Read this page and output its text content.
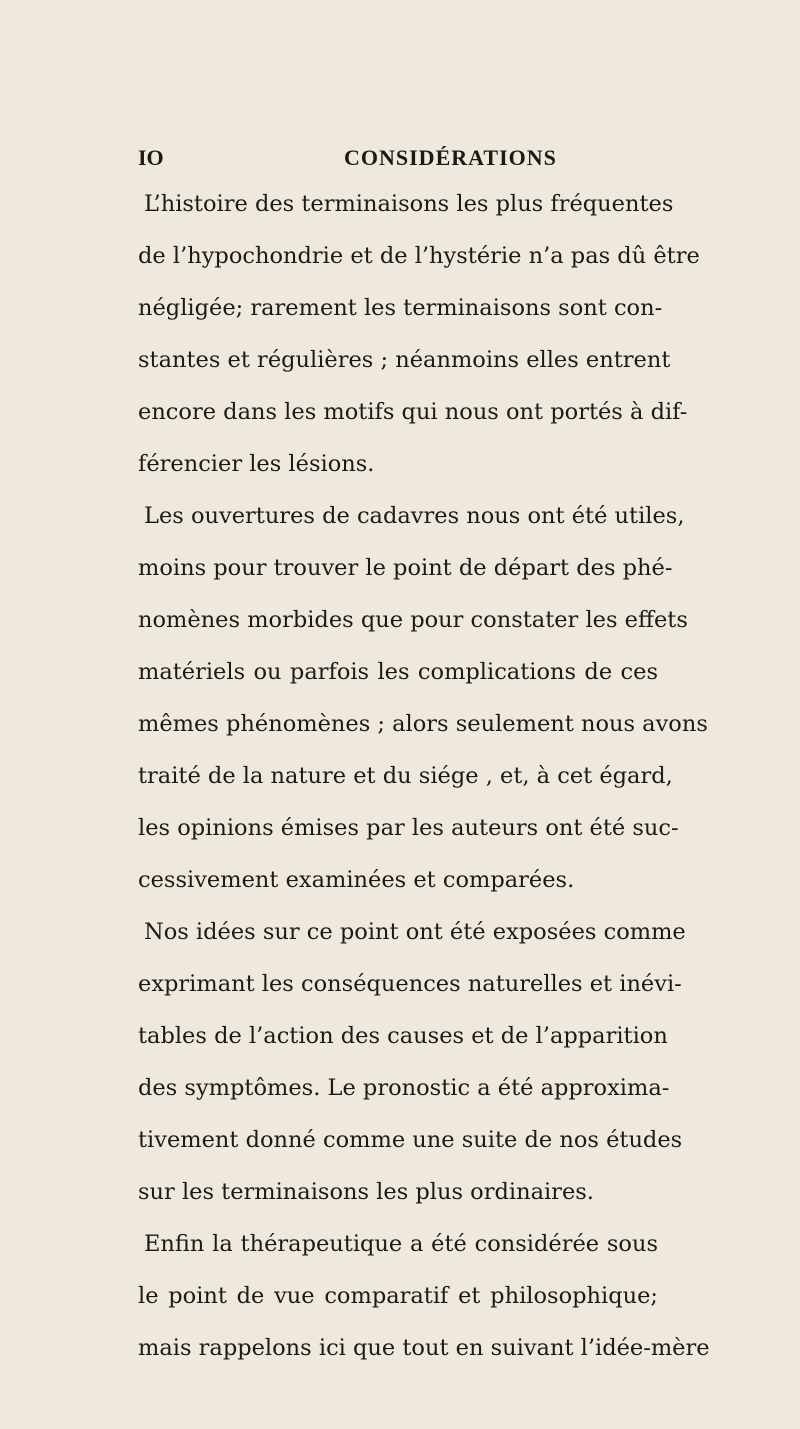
IO	CONSIDÉRATIONS
L’histoire des terminaisons les plus fréquentes
de l’hypochondrie et de l’hystérie n’a pas dû être
négligée; rarement les terminaisons sont con-
stantes et régulières ; néanmoins elles entrent
encore dans les motifs qui nous ont portés à dif-
férencier les lésions.
Les ouvertures de cadavres nous ont été utiles,
moins pour trouver le point de départ des phé-
nomènes morbides que pour constater les effets
matériels ou parfois les complications de ces
mêmes phénomènes ; alors seulement nous avons
traité de la nature et du siége , et, à cet égard,
les opinions émises par les auteurs ont été suc-
cessivement examinées et comparées.
Nos idées sur ce point ont été exposées comme
exprimant les conséquences naturelles et inévi-
tables de l’action des causes et de l’apparition
des symptômes. Le pronostic a été approxima-
tivement donné comme une suite de nos études
sur les terminaisons les plus ordinaires.
Enfin la thérapeutique a été considérée sous
le point de vue comparatif et philosophique;
mais rappelons ici que tout en suivant l’idée-mère
